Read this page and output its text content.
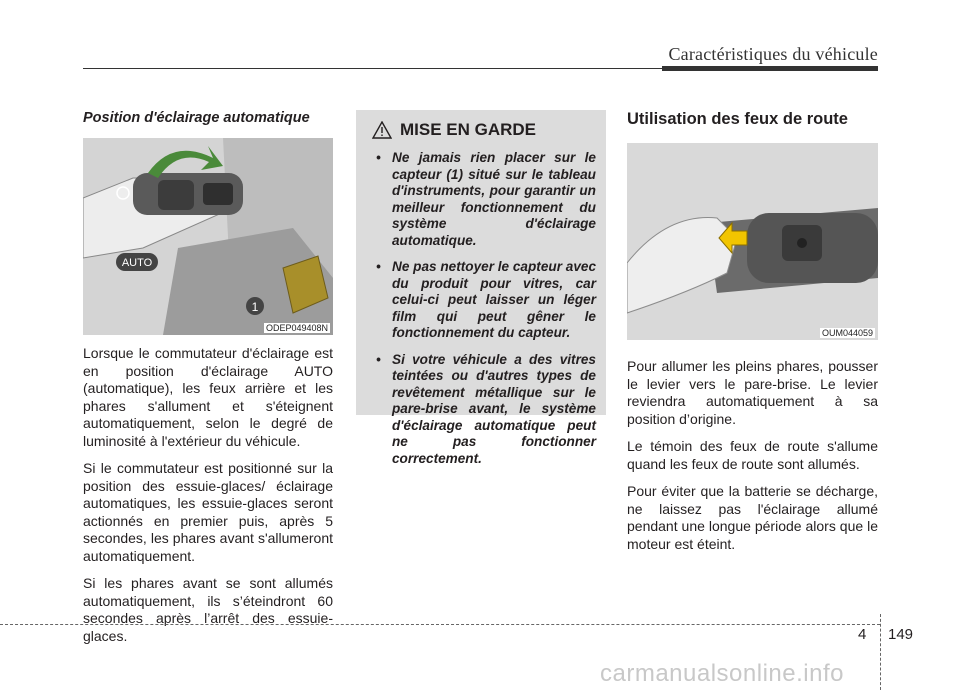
Caractéristiques du véhicule

Position d'éclairage automatique

1
AUTO
ODEP049408N

Lorsque le commutateur d'éclairage est en position d'éclairage AUTO (automatique), les feux arrière et les phares s'allument et s'éteignent automatiquement, selon le degré de luminosité à l'extérieur du véhicule.

Si le commutateur est positionné sur la position des essuie-glaces/ éclairage automatiques, les essuie-glaces seront actionnés en premier puis, après 5 secondes, les phares avant s'allumeront automatiquement.

Si les phares avant se sont allumés automatiquement, ils s’éteindront 60 secondes après l’arrêt des essuie-glaces.

MISE EN GARDE
• Ne jamais rien placer sur le capteur (1) situé sur le tableau d'instruments, pour garantir un meilleur fonctionnement du système d'éclairage automatique.
• Ne pas nettoyer le capteur avec du produit pour vitres, car celui-ci peut laisser un léger film qui peut gêner le fonctionnement du capteur.
• Si votre véhicule a des vitres teintées ou d'autres types de revêtement métallique sur le pare-brise avant, le système d'éclairage automatique peut ne pas fonctionner correctement.

Utilisation des feux de route

OUM044059

Pour allumer les pleins phares, pousser le levier vers le pare-brise. Le levier reviendra automatiquement à sa position d’origine.

Le témoin des feux de route s'allume quand les feux de route sont allumés.

Pour éviter que la batterie se décharge, ne laissez pas l'éclairage allumé pendant une longue période alors que le moteur est éteint.

4 149
carmanualsonline.info
